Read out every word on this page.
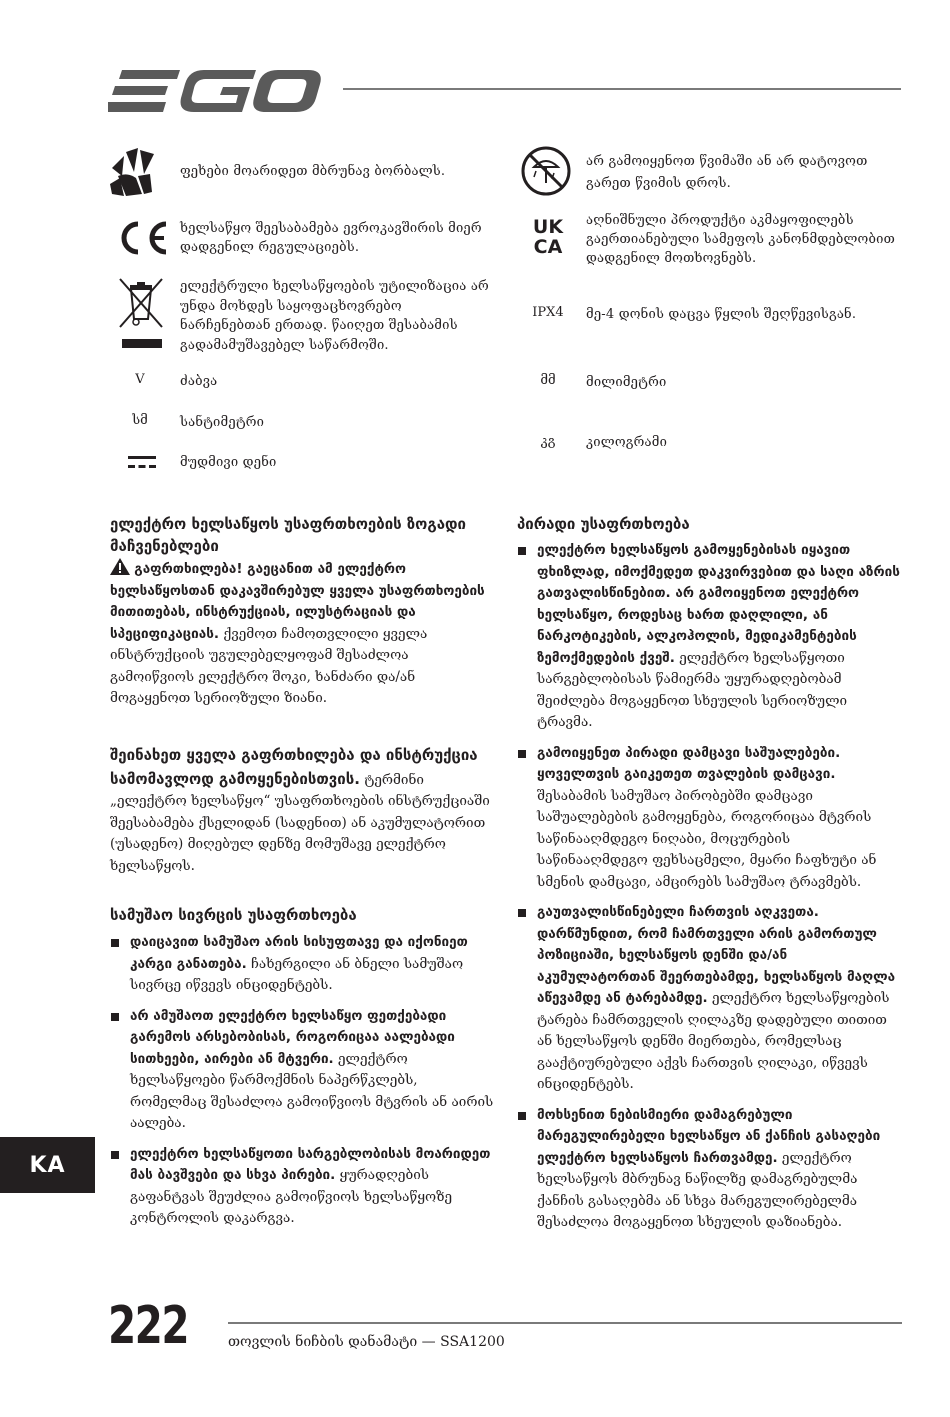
ფეხები მოარიდეთ მბრუნავ ბორბალს.
ხელსაწყო შეესაბამება ევროკავშირის მიერ დადგენილ რეგულაციებს.
ელექტრული ხელსაწყოების უტილიზაცია არ უნდა მოხდეს საყოფაცხოვრებო ნარჩენებთან ერთად. წაიღეთ შესაბამის გადამამუშავებელ საწარმოში.
V	ძაბვა
სმ	სანტიმეტრი
მუდმივი დენი
არ გამოიყენოთ წვიმაში ან არ დატოვოთ გარეთ წვიმის დროს.
UK
CA
აღნიშნული პროდუქტი აკმაყოფილებს გაერთიანებული სამეფოს კანონმდებლობით დადგენილ მოთხოვნებს.
IPX4	მე-4 დონის დაცვა წყლის შეღწევისგან.
მმ	მილიმეტრი
კგ	კილოგრამი
ელექტრო ხელსაწყოს უსაფრთხოების ზოგადი მაჩვენებლები
გაფრთხილება! გაეცანით ამ ელექტრო ხელსაწყოსთან დაკავშირებულ ყველა უსაფრთხოების მითითებას, ინსტრუქციას, ილუსტრაციას და სპეციფიკაციას. ქვემოთ ჩამოთვლილი ყველა ინსტრუქციის უგულებელყოფამ შესაძლოა გამოიწვიოს ელექტრო შოკი, ხანძარი და/ან მოგაყენოთ სერიოზული ზიანი.
შეინახეთ ყველა გაფრთხილება და ინსტრუქცია სამომავლოდ გამოყენებისთვის. ტერმინი „ელექტრო ხელსაწყო“ უსაფრთხოების ინსტრუქციაში შეესაბამება ქსელიდან (სადენით) ან აკუმულატორით (უსადენო) მიღებულ დენზე მომუშავე ელექტრო ხელსაწყოს.
სამუშაო სივრცის უსაფრთხოება
დაიცავით სამუშაო არის სისუფთავე და იქონიეთ კარგი განათება. ჩახერგილი ან ბნელი სამუშაო სივრცე იწვევს ინციდენტებს.
არ ამუშაოთ ელექტრო ხელსაწყო ფეთქებადი გარემოს არსებობისას, როგორიცაა აალებადი სითხეები, აირები ან მტვერი. ელექტრო ხელსაწყოები წარმოქმნის ნაპერწკლებს, რომელმაც შესაძლოა გამოიწვიოს მტვრის ან აირის აალება.
ელექტრო ხელსაწყოთი სარგებლობისას მოარიდეთ მას ბავშვები და სხვა პირები. ყურადღების გაფანტვას შეუძლია გამოიწვიოს ხელსაწყოზე კონტროლის დაკარგვა.
პირადი უსაფრთხოება
ელექტრო ხელსაწყოს გამოყენებისას იყავით ფხიზლად, იმოქმედეთ დაკვირვებით და საღი აზრის გათვალისწინებით. არ გამოიყენოთ ელექტრო ხელსაწყო, როდესაც ხართ დაღლილი, ან ნარკოტიკების, ალკოჰოლის, მედიკამენტების ზემოქმედების ქვეშ. ელექტრო ხელსაწყოთი სარგებლობისას წამიერმა უყურადღებობამ შეიძლება მოგაყენოთ სხეულის სერიოზული ტრავმა.
გამოიყენეთ პირადი დამცავი საშუალებები. ყოველთვის გაიკეთეთ თვალების დამცავი. შესაბამის სამუშაო პირობებში დამცავი საშუალებების გამოყენება, როგორიცაა მტვრის საწინააღმდეგო ნიღაბი, მოცურების საწინააღმდეგო ფეხსაცმელი, მყარი ჩაფხუტი ან სმენის დამცავი, ამცირებს სამუშაო ტრავმებს.
გაუთვალისწინებელი ჩართვის აღკვეთა. დარწმუნდით, რომ ჩამრთველი არის გამორთულ პოზიციაში, ხელსაწყოს დენში და/ან აკუმულატორთან შეერთებამდე, ხელსაწყოს მაღლა აწევამდე ან ტარებამდე. ელექტრო ხელსაწყოების ტარება ჩამრთველის ღილაკზე დადებული თითით ან ხელსაწყოს დენში მიერთება, რომელსაც გააქტიურებული აქვს ჩართვის ღილაკი, იწვევს ინციდენტებს.
მოხსენით ნებისმიერი დამაგრებული მარეგულირებელი ხელსაწყო ან ქანჩის გასაღები ელექტრო ხელსაწყოს ჩართვამდე. ელექტრო ხელსაწყოს მბრუნავ ნაწილზე დამაგრებულმა ქანჩის გასაღებმა ან სხვა მარეგულირებელმა შესაძლოა მოგაყენოთ სხეულის დაზიანება.
KA
222	თოვლის ნიჩბის დანამატი — SSA1200
